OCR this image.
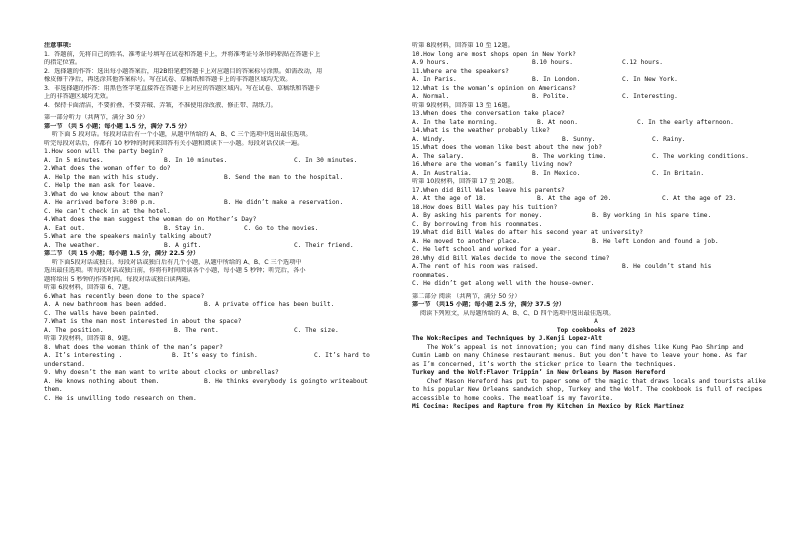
注意事项:
1．答题前，先将自己的姓名、准考证号填写在试卷和答题卡上，并将准考证号条形码粘贴在答题卡上
的指定位置。
2．选择题的作答：选出每小题答案后，用2B铅笔把答题卡上对应题目的答案标号涂黑。如需改动，用
橡皮擦干净后，再选涂其他答案标号。写在试卷、草稿纸和答题卡上的非答题区域均无效。
3．非选择题的作答：用黑色签字笔直接答在答题卡上对应的答题区域内。写在试卷、草稿纸和答题卡
上的非答题区域均无效。
4．保持卡面清洁，不要折叠、不要弄破、弄皱，不准使用涂改液、修正带、刮纸刀。
第一部分听力（共两节，满分 30 分）
第一节 （共 5 小题；每小题 1.5 分，满分 7.5 分）
听下面 5 段对话。每段对话后有一个小题，从题中所给的 A、B、C 三个选项中选出最佳选项。
听完每段对话后，你都有 10 秒钟的时间来回答有关小题和阅读下一小题。每段对话仅读一遍。
1.How soon will the party begin?
A. In 5 minutes.	B. In 10 minutes.	C. In 30 minutes.
2.What does the woman offer to do?
A. Help the man with his study.	B. Send the man to the hospital.
C. Help the man ask for leave.
3.What do we know about the man?
A. He arrived before 3:00 p.m.	B. He didn’t make a reservation.
C. He can’t check in at the hotel.
4.What does the man suggest the woman do on Mother’s Day?
A. Eat out.	B. Stay in.	C. Go to the movies.
5.What are the speakers mainly talking about?
A. The weather.	B. A gift.	C. Their friend.
第二节 （共 15 小题；每小题 1.5 分，满分 22.5 分）
听下面5段对话或独白。每段对话或独白后有几个小题，从题中所给的 A、B、C 三个选项中
选出最佳选项。听每段对话或独白前，你将有时间阅读各个小题，每小题 5 秒钟；听完后，各小
题将给出 5 秒钟的作答时间。每段对话或独白读两遍。
听第 6段材料，回答第 6、7题。
6.What has recently been done to the space?
A. A new bathroom has been added.	B. A private office has been built.
C. The walls have been painted.
7.What is the man most interested in about the space?
A. The position.	B. The rent.	C. The size.
听第 7段材料，回答第 8、9题。
8. What does the woman think of the man’s paper?
A. It’s interesting .	B. It’s easy to finish.	C. It’s hard to
understand.
9. Why doesn’t the man want to write about clocks or umbrellas?
A. He knows nothing about them.	B. He thinks everybody is goingto writeabout
them.
C. He is unwilling todo research on them.
听第 8段材料，回答第 10 至 12题。
10.How long are most shops open in New York?
A.9 hours.	B.10 hours.	C.12 hours.
11.Where are the speakers?
A. In Paris.	B. In London.	C. In New York.
12.What is the woman’s opinion on Americans?
A. Normal.	B. Polite.	C. Interesting.
听第 9段材料，回答第 13 至 16题。
13.When does the conversation take place?
A. In the late morning.	B. At noon.	C. In the early afternoon.
14.What is the weather probably like?
A. Windy.	B. Sunny.	C. Rainy.
15.What does the woman like best about the new job?
A. The salary.	B. The working time.	C. The working conditions.
16.Where are the woman’s family living now?
A. In Australia.	B. In Mexico.	C. In Britain.
听第 10段材料，回答第 17 至 20题。
17.When did Bill Wales leave his parents?
A. At the age of 18.	B. At the age of 20.	C. At the age of 23.
18.How does Bill Wales pay his tuition?
A. By asking his parents for money.	B. By working in his spare time.
C. By borrowing from his roommates.
19.What did Bill Wales do after his second year at university?
A. He moved to another place.	B. He left London and found a job.
C. He left school and worked for a year.
20.Why did Bill Wales decide to move the second time?
A.The rent of his room was raised.	B. He couldn’t stand his
roommates.
C. He didn’t get along well with the house-owner.
第二部分 阅读 （共两节，满分 50 分）
第一节 （共15 小题；每小题 2.5 分，满分 37.5 分）
阅读下列短文，从每题所给的 A、B、C、D 四个选项中选出最佳选项。
A
Top cookbooks of 2023
The Wok:Recipes and Techniques by J.Kenji Lopez-Alt
The Wok’s appeal is not innovation; you can find many dishes like Kung Pao Shrimp and
Cumin Lamb on many Chinese restaurant menus. But you don’t have to leave your home. As far
as I’m concerned, it’s worth the sticker price to learn the techniques.
Turkey and the Wolf:Flavor Trippin’ in New Orleans by Mason Hereford
Chef Mason Hereford has put to paper some of the magic that draws locals and tourists alike
to his popular New Orleans sandwich shop, Turkey and the Wolf. The cookbook is full of recipes
accessible to home cooks. The meatloaf is my favorite.
Mi Cocina: Recipes and Rapture from My Kitchen in Mexico by Rick Martinez
